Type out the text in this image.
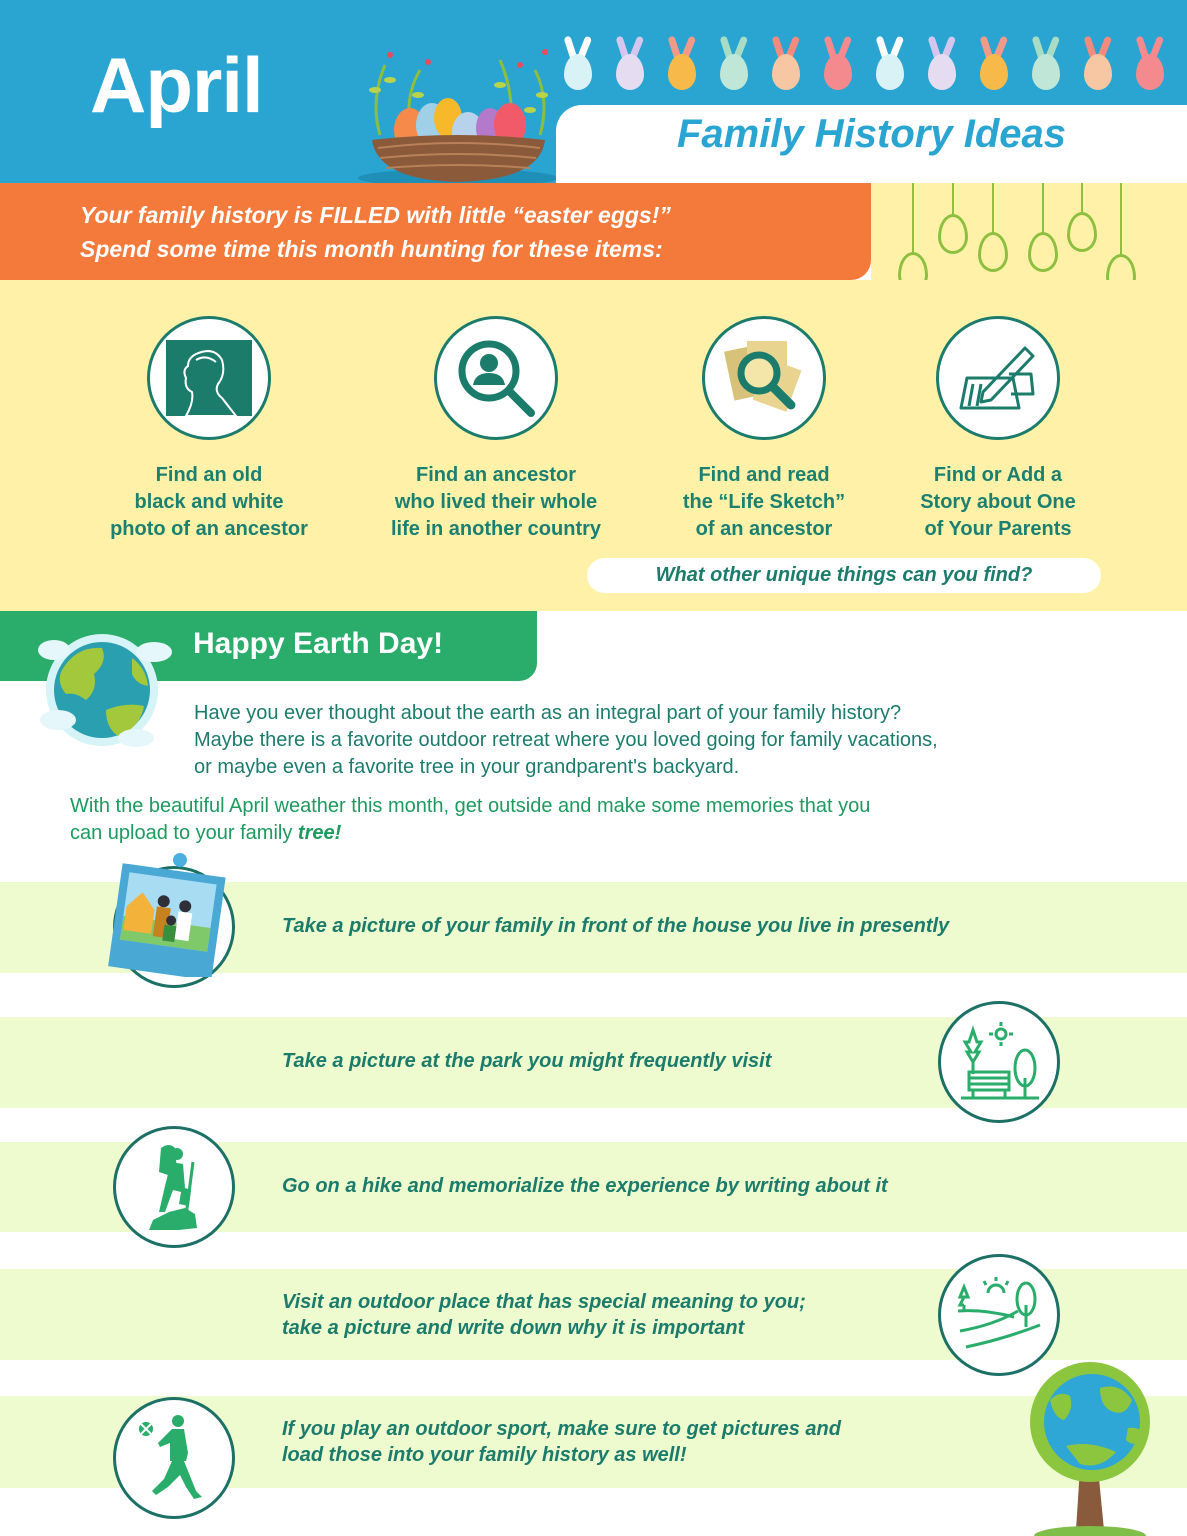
April
Family History Ideas
Your family history is FILLED with little “easter eggs!”
Spend some time this month hunting for these items:
Find an old
black and white
photo of an ancestor
Find an ancestor
who lived their whole
life in another country
Find and read
the “Life Sketch”
of an ancestor
Find or Add a
Story about One
of Your Parents
What other unique things can you find?
Happy Earth Day!
Have you ever thought about the earth as an integral part of your family history?
Maybe there is a favorite outdoor retreat where you loved going for family vacations,
or maybe even a favorite tree in your grandparent's backyard.
With the beautiful April weather this month, get outside and make some memories that you
can upload to your family tree!
Take a picture of your family in front of the house you live in presently
Take a picture at the park you might frequently visit
Go on a hike and memorialize the experience by writing about it
Visit an outdoor place that has special meaning to you;
take a picture and write down why it is important
If you play an outdoor sport, make sure to get pictures and
load those into your family history as well!
